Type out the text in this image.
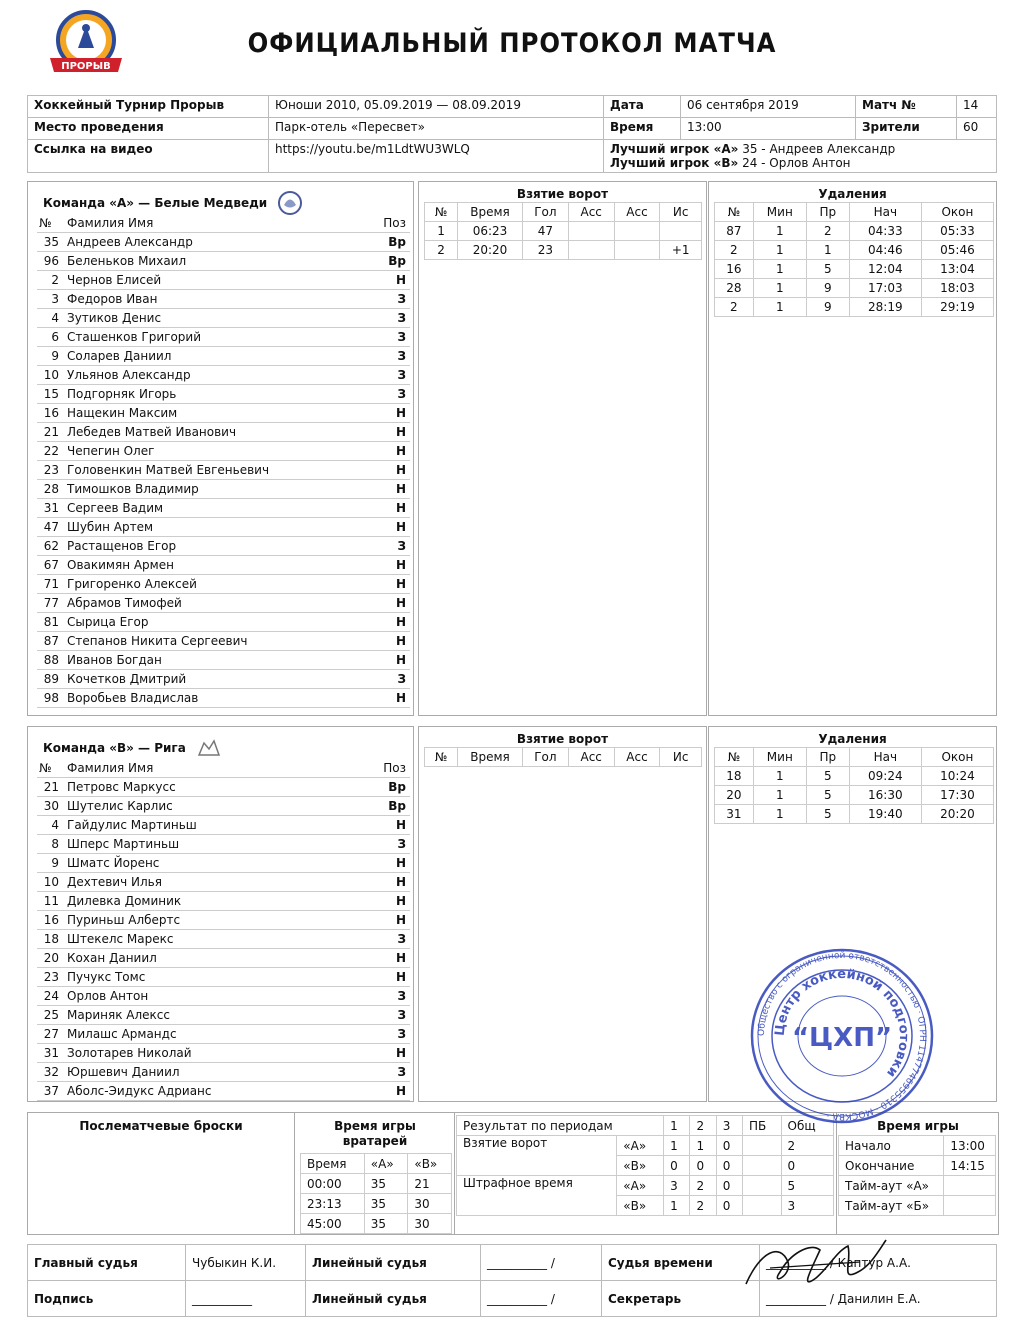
ПРОРЫВ
ОФИЦИАЛЬНЫЙ ПРОТОКОЛ МАТЧА
Хоккейный Турнир Прорыв	Юноши 2010, 05.09.2019 — 08.09.2019	Дата	06 сентября 2019	Матч №	14
Место проведения	Парк-отель «Пересвет»	Время	13:00	Зрители	60
Ссылка на видео	https://youtu.be/m1LdtWU3WLQ	Лучший игрок «А» 35 - Андреев Александр
Лучший игрок «В» 24 - Орлов Антон			
Команда «А» — Белые Медведи
№	Фамилия Имя	Поз
35	Андреев Александр	Вр
96	Беленьков Михаил	Вр
2	Чернов Елисей	Н
3	Федоров Иван	З
4	Зутиков Денис	З
6	Сташенков Григорий	З
9	Соларев Даниил	З
10	Ульянов Александр	З
15	Подгорняк Игорь	З
16	Нащекин Максим	Н
21	Лебедев Матвей Иванович	Н
22	Чепегин Олег	Н
23	Головенкин Матвей Евгеньевич	Н
28	Тимошков Владимир	Н
31	Сергеев Вадим	Н
47	Шубин Артем	Н
62	Растащенов Егор	З
67	Овакимян Армен	Н
71	Григоренко Алексей	Н
77	Абрамов Тимофей	Н
81	Сырица Егор	Н
87	Степанов Никита Сергеевич	Н
88	Иванов Богдан	Н
89	Кочетков Дмитрий	З
98	Воробьев Владислав	Н
Взятие ворот
№	Время	Гол	Асс	Асс	Ис
1	06:23	47			
2	20:20	23			+1
Удаления
№	Мин	Пр	Нач	Окон
87	1	2	04:33	05:33
2	1	1	04:46	05:46
16	1	5	12:04	13:04
28	1	9	17:03	18:03
2	1	9	28:19	29:19
Команда «В» — Рига
№	Фамилия Имя	Поз
21	Петровс Маркусс	Вр
30	Шутелис Карлис	Вр
4	Гайдулис Мартиньш	Н
8	Шперс Мартиньш	З
9	Шматс Йоренс	Н
10	Дехтевич Илья	Н
11	Дилевка Доминик	Н
16	Пуриньш Албертс	Н
18	Штекелс Марекс	З
20	Кохан Даниил	Н
23	Пучукс Томс	Н
24	Орлов Антон	З
25	Мариняк Алексс	З
27	Милашс Армандс	З
31	Золотарев Николай	Н
32	Юршевич Даниил	З
37	Аболс-Эидукс Адрианс	Н
Взятие ворот
№	Время	Гол	Асс	Асс	Ис
Удаления
№	Мин	Пр	Нач	Окон
18	1	5	09:24	10:24
20	1	5	16:30	17:30
31	1	5	19:40	20:20
Послематчевые броски	Время игры вратарей
Время	«А»	«В»
00:00	35	21
23:13	35	30
45:00	35	30
Результат по периодам		1	2	3	ПБ	Общ
Взятие ворот	«А»	1	1	0		2
	«В»	0	0	0		0
Штрафное время	«А»	3	2	0		5
	«В»	1	2	0		3
Время игры
Начало	13:00
Окончание	14:15
Тайм-аут «А»	
Тайм-аут «Б»	
Главный судья	Чубыкин К.И.	Линейный судья	__________ /	Судья времени	__________ / Каптур А.А.
Подпись	__________	Линейный судья	__________ /	Секретарь	__________ / Данилин Е.А.
Общество с ограниченной ответственностью · ОГРН 1147746955310 · МОСКВА ·
Центр хоккейной подготовки
“ЦХП”
